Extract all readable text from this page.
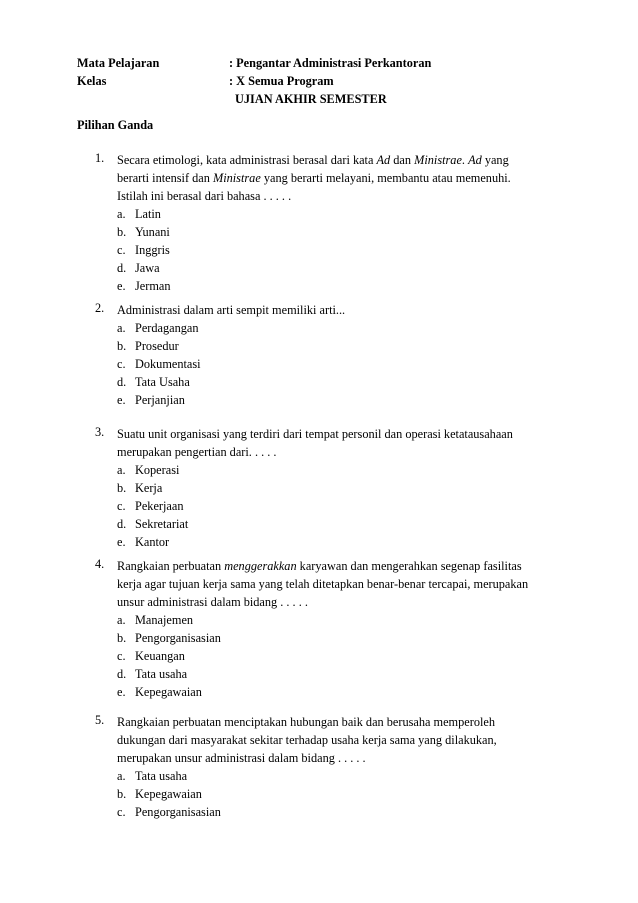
Mata Pelajaran	: Pengantar Administrasi Perkantoran
Kelas	: X Semua Program
UJIAN AKHIR SEMESTER
Pilihan Ganda
1. Secara etimologi, kata administrasi berasal dari kata Ad dan Ministrae. Ad yang
berarti intensif dan Ministrae yang berarti melayani, membantu atau memenuhi.
Istilah ini berasal dari bahasa . . . . .
a. Latin
b. Yunani
c. Inggris
d. Jawa
e. Jerman
2. Administrasi dalam arti sempit memiliki arti...
a. Perdagangan
b. Prosedur
c. Dokumentasi
d. Tata Usaha
e. Perjanjian
3. Suatu unit organisasi yang terdiri dari tempat personil dan operasi ketatausahaan
merupakan pengertian dari. . . . .
a. Koperasi
b. Kerja
c. Pekerjaan
d. Sekretariat
e. Kantor
4. Rangkaian perbuatan menggerakkan karyawan dan mengerahkan segenap fasilitas
kerja agar tujuan kerja sama yang telah ditetapkan benar-benar tercapai, merupakan
unsur administrasi dalam bidang . . . . .
a. Manajemen
b. Pengorganisasian
c. Keuangan
d. Tata usaha
e. Kepegawaian
5. Rangkaian perbuatan menciptakan hubungan baik dan berusaha memperoleh
dukungan dari masyarakat sekitar terhadap usaha kerja sama yang dilakukan,
merupakan unsur administrasi dalam bidang . . . . .
a. Tata usaha
b. Kepegawaian
c. Pengorganisasian
